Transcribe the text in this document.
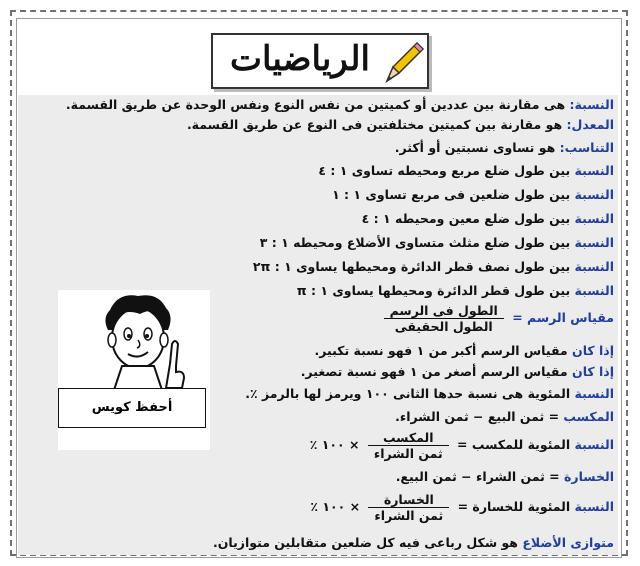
الرياضيات
النسبة: هى مقارنة بين عددين أو كميتين من نفس النوع ونفس الوحدة عن طريق القسمة.
المعدل: هو مقارنة بين كميتين مختلفتين فى النوع عن طريق القسمة.
التناسب: هو تساوى نسبتين أو أكثر.
النسبة بين طول ضلع مربع ومحيطه تساوى ١ : ٤
النسبة بين طول ضلعين فى مربع تساوى ١ : ١
النسبة بين طول ضلع معين ومحيطه ١ : ٤
النسبة بين طول ضلع مثلث متساوى الأضلاع ومحيطه ١ : ٣
النسبة بين طول نصف قطر الدائرة ومحيطها يساوى ١ : ٢π
النسبة بين طول قطر الدائرة ومحيطها يساوى ١ : π
مقياس الرسم =
$\frac{\text{الطول فى الرسم}}{\text{الطول الحقيقى}}$
إذا كان مقياس الرسم أكبر من ١ فهو نسبة تكبير.
إذا كان مقياس الرسم أصغر من ١ فهو نسبة تصغير.
النسبة المئوية هى نسبة حدها الثانى ١٠٠ ويرمز لها بالرمز ٪.
المكسب = ثمن البيع − ثمن الشراء.
النسبة المئوية للمكسب =
$\frac{\text{المكسب}}{\text{ثمن الشراء}}$
× ١٠٠ ٪
الخسارة = ثمن الشراء − ثمن البيع.
النسبة المئوية للخسارة =
$\frac{\text{الخسارة}}{\text{ثمن الشراء}}$
× ١٠٠ ٪
متوازى الأضلاع هو شكل رباعى فيه كل ضلعين متقابلين متوازيان.
أحفظ كويس
